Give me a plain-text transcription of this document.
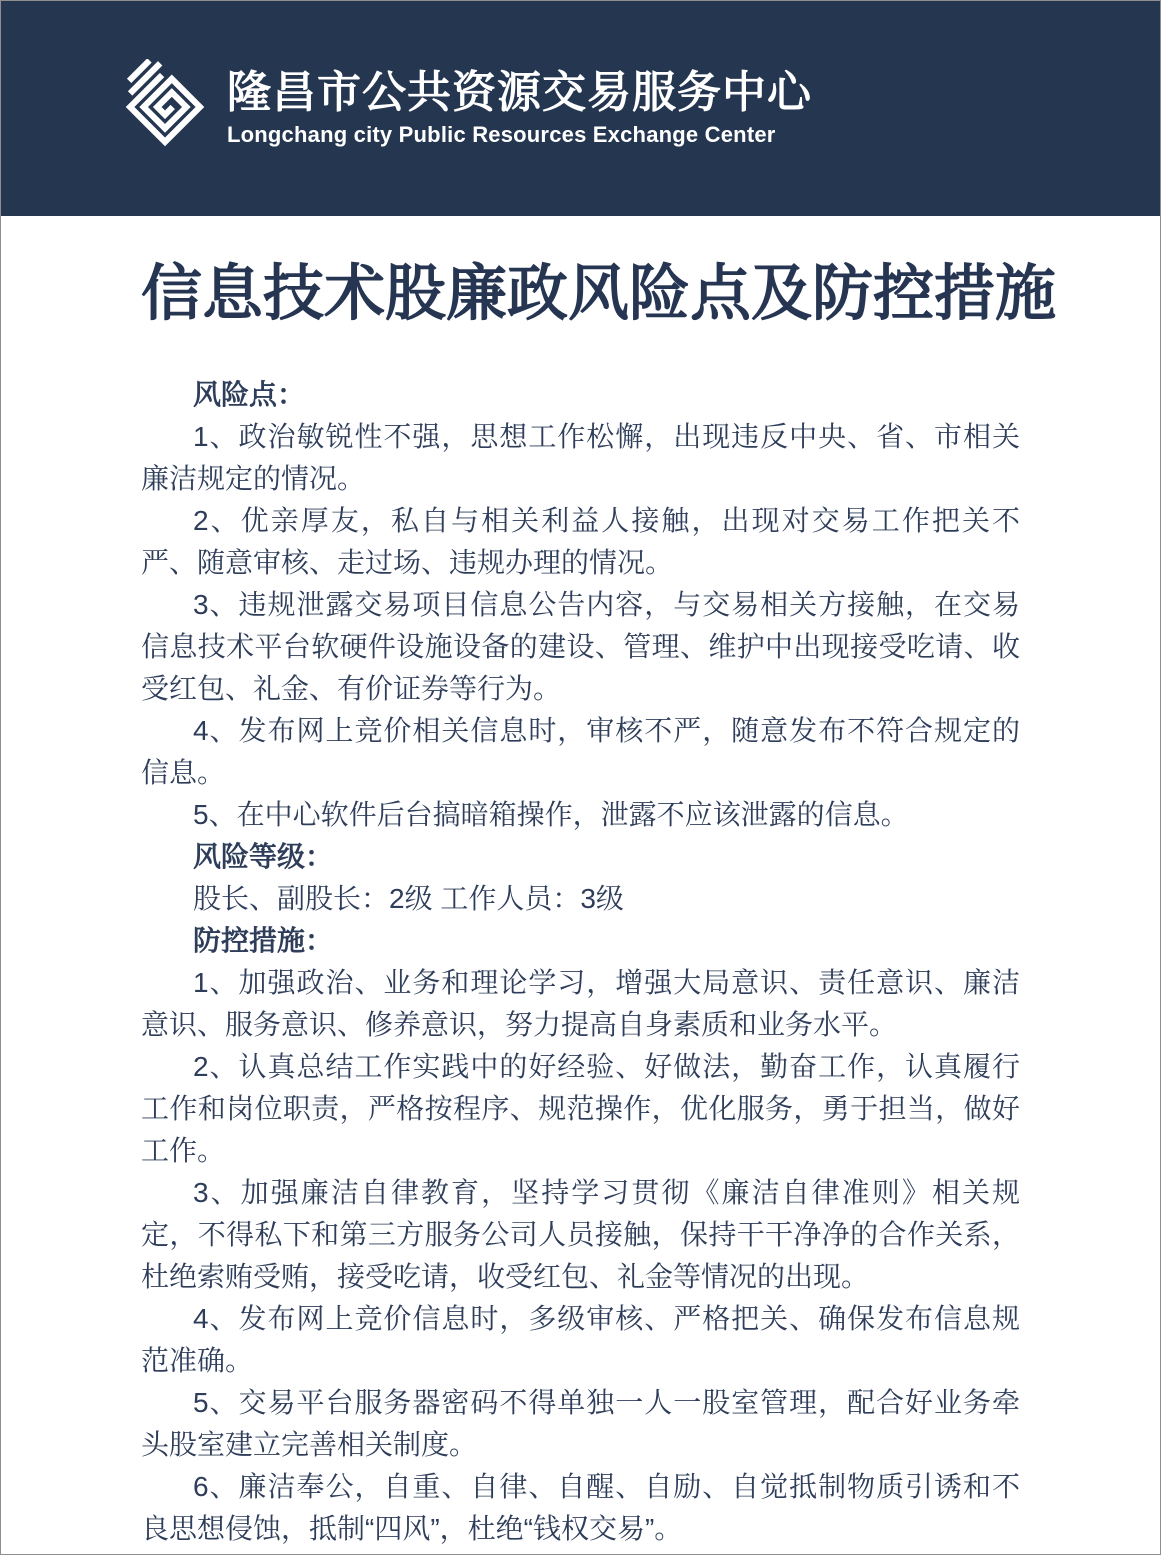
隆昌市公共资源交易服务中心
Longchang city Public Resources Exchange Center
信息技术股廉政风险点及防控措施

风险点：

1、政治敏锐性不强，思想工作松懈，出现违反中央、省、市相关廉洁规定的情况。

2、优亲厚友，私自与相关利益人接触，出现对交易工作把关不严、随意审核、走过场、违规办理的情况。

3、违规泄露交易项目信息公告内容，与交易相关方接触，在交易信息技术平台软硬件设施设备的建设、管理、维护中出现接受吃请、收受红包、礼金、有价证券等行为。

4、发布网上竞价相关信息时，审核不严，随意发布不符合规定的信息。

5、在中心软件后台搞暗箱操作，泄露不应该泄露的信息。

风险等级：

股长、副股长：2级 工作人员：3级

防控措施：

1、加强政治、业务和理论学习，增强大局意识、责任意识、廉洁意识、服务意识、修养意识，努力提高自身素质和业务水平。

2、认真总结工作实践中的好经验、好做法，勤奋工作，认真履行工作和岗位职责，严格按程序、规范操作，优化服务，勇于担当，做好工作。

3、加强廉洁自律教育，坚持学习贯彻《廉洁自律准则》相关规定，不得私下和第三方服务公司人员接触，保持干干净净的合作关系，杜绝索贿受贿，接受吃请，收受红包、礼金等情况的出现。

4、发布网上竞价信息时，多级审核、严格把关、确保发布信息规范准确。

5、交易平台服务器密码不得单独一人一股室管理，配合好业务牵头股室建立完善相关制度。

6、廉洁奉公，自重、自律、自醒、自励、自觉抵制物质引诱和不良思想侵蚀，抵制“四风”，杜绝“钱权交易”。
